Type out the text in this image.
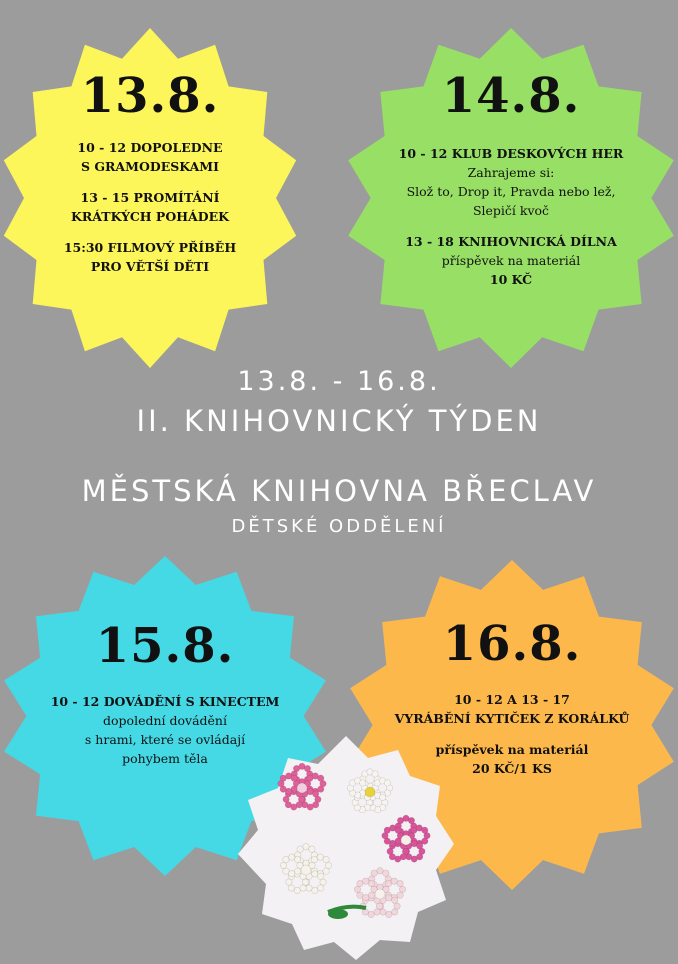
13.8.
10 - 12 DOPOLEDNE
S GRAMODESKAMI
13 - 15 PROMÍTÁNÍ
KRÁTKÝCH POHÁDEK
15:30 FILMOVÝ PŘÍBĚH
PRO VĚTŠÍ DĚTI
14.8.
10 - 12 KLUB DESKOVÝCH HER
Zahrajeme si:
Slož to, Drop it, Pravda nebo lež,
Slepičí kvoč
13 - 18 KNIHOVNICKÁ DÍLNA
příspěvek na materiál
10 KČ
13.8. - 16.8.
II. KNIHOVNICKÝ TÝDEN
MĚSTSKÁ KNIHOVNA BŘECLAV
DĚTSKÉ ODDĚLENÍ
15.8.
10 - 12 DOVÁDĚNÍ S KINECTEM
dopolední dovádění
s hrami, které se ovládají
pohybem těla
16.8.
10 - 12 A 13 - 17
VYRÁBĚNÍ KYTIČEK Z KORÁLKŮ
příspěvek na materiál
20 KČ/1 KS
